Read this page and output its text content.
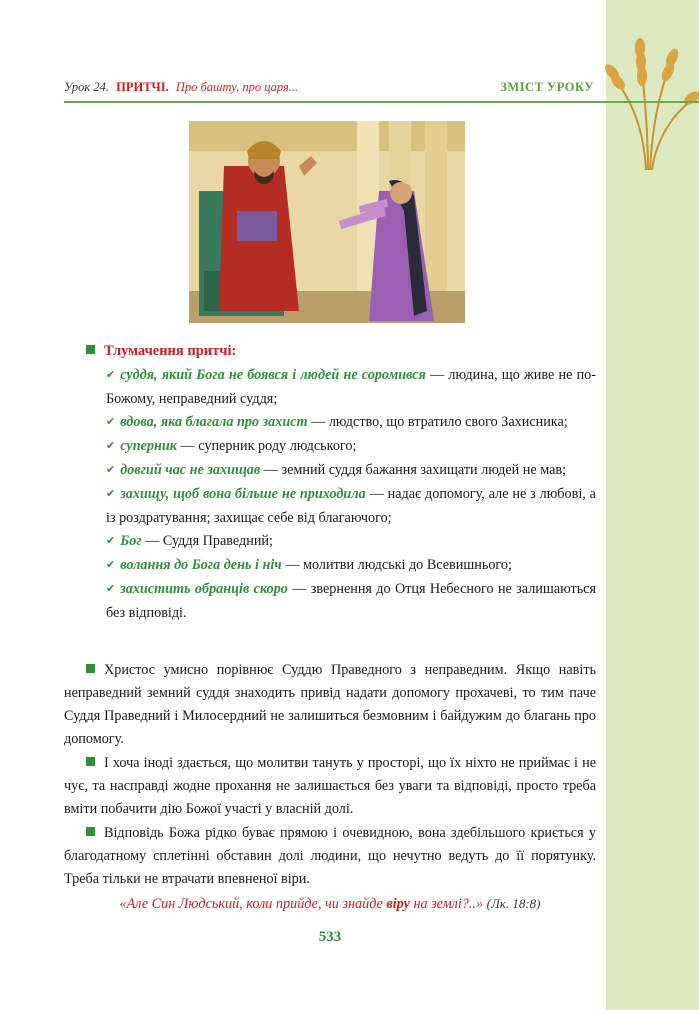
Урок 24. ПРИТЧІ. Про башту, про царя...	ЗМІСТ УРОКУ
Тлумачення притчі:
✔ суддя, який Бога не боявся і людей не соромився — людина, що живе не по-Божому, неправедний суддя;
✔ вдова, яка благала про захист — людство, що втратило свого Захисника;
✔ суперник — суперник роду людського;
✔ довгий час не захищав — земний суддя бажання захищати людей не мав;
✔ захищу, щоб вона більше не приходила — надає допомогу, але не з любові, а із роздратування; захищає себе від благаючого;
✔ Бог — Суддя Праведний;
✔ волання до Бога день і ніч — молитви людські до Всевишнього;
✔ захистить обранців скоро — звернення до Отця Небесного не залишаються без відповіді.
Христос умисно порівнює Суддю Праведного з неправедним. Якщо навіть неправедний земний суддя знаходить привід надати допомогу прохачеві, то тим паче Суддя Праведний і Милосердний не залишиться безмовним і байдужим до благань про допомогу.
І хоча іноді здається, що молитви тануть у просторі, що їх ніхто не приймає і не чує, та насправді жодне прохання не залишається без уваги та відповіді, просто треба вміти побачити дію Божої участі у власній долі.
Відповідь Божа рідко буває прямою і очевидною, вона здебільшого криється у благодатному сплетінні обставин долі людини, що нечутно ведуть до її порятунку. Треба тільки не втрачати впевненої віри.
«Але Син Людський, коли прийде, чи знайде віру на землі?..» (Лк. 18:8)
533
